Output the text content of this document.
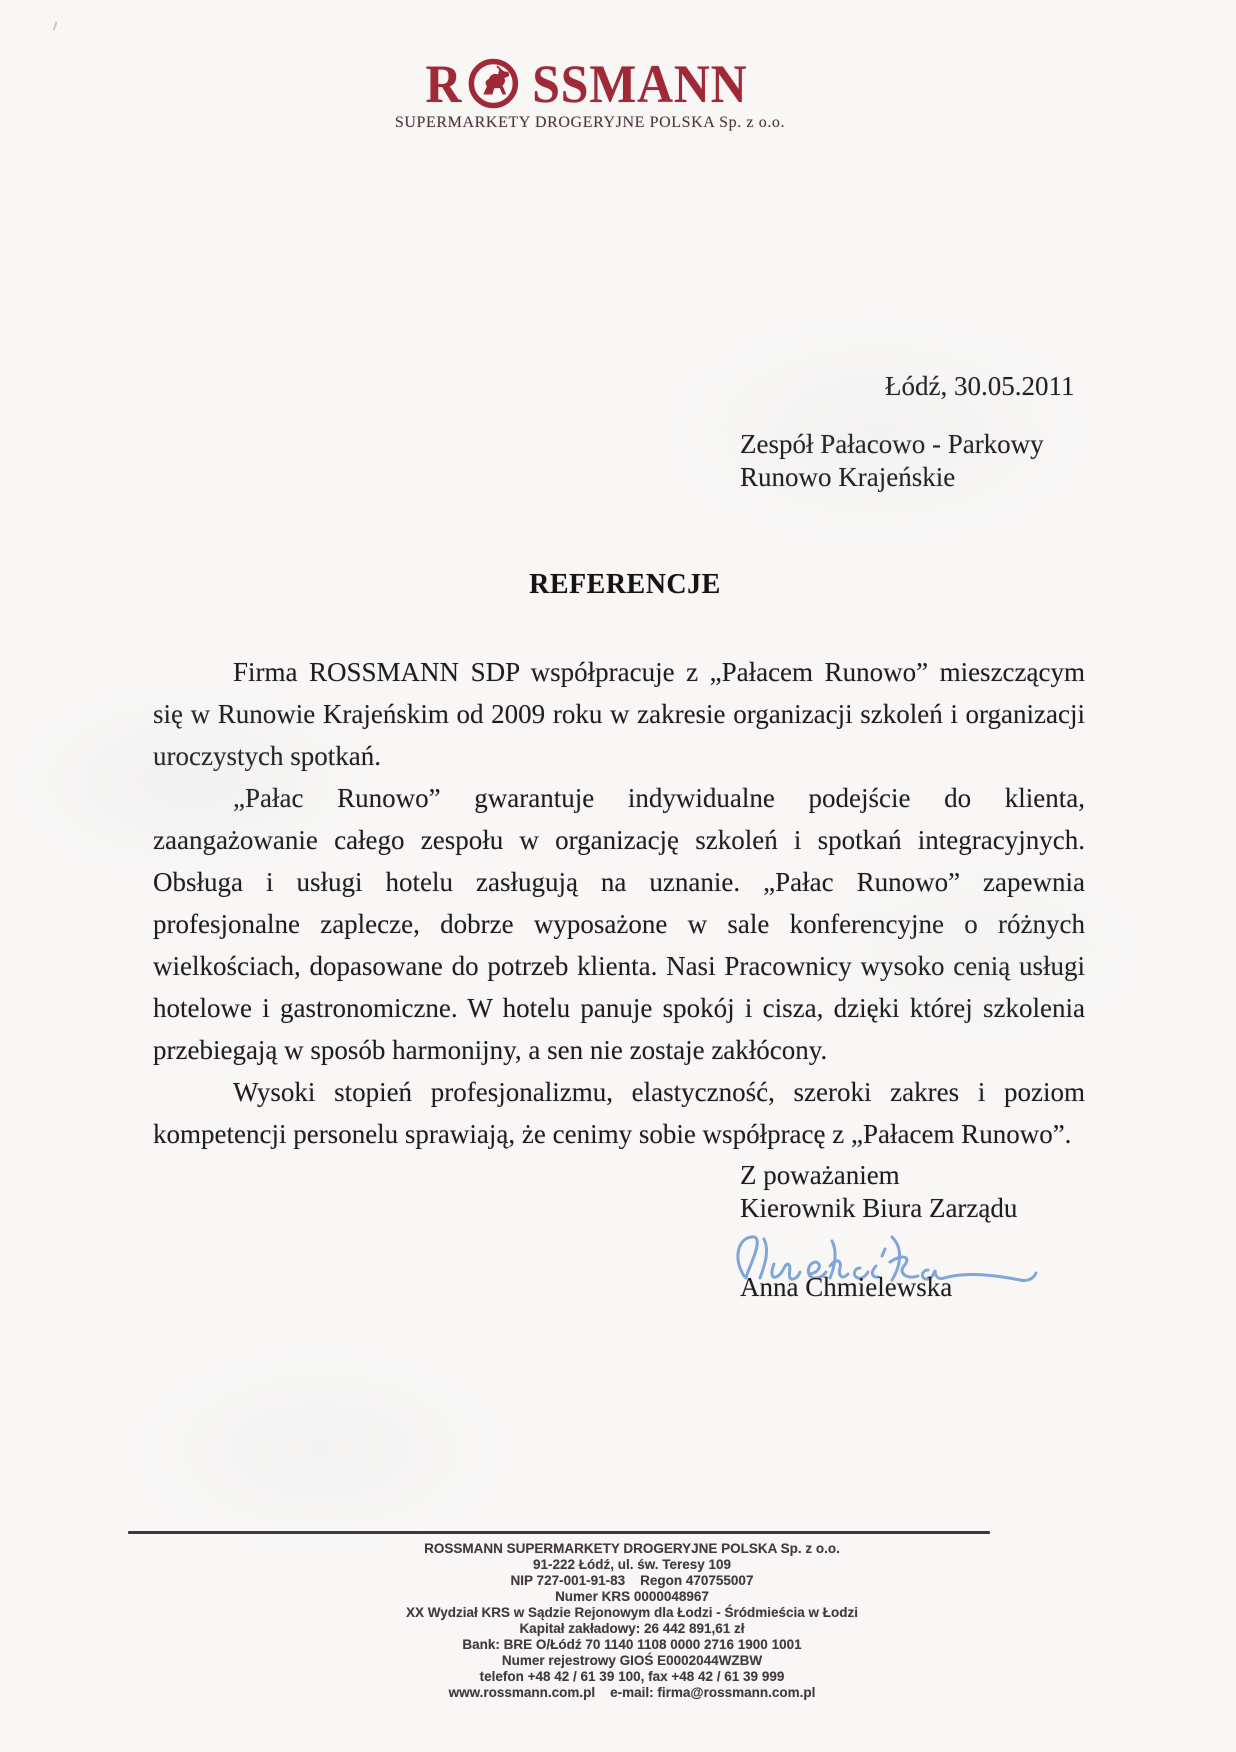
R SSMANN
SUPERMARKETY DROGERYJNE POLSKA Sp. z o.o.
Łódź, 30.05.2011
Zespół Pałacowo - Parkowy
Runowo Krajeńskie
REFERENCJE

Firma ROSSMANN SDP współpracuje z „Pałacem Runowo” mieszczącym się w Runowie Krajeńskim od 2009 roku w zakresie organizacji szkoleń i organizacji uroczystych spotkań.

„Pałac Runowo” gwarantuje indywidualne podejście do klienta, zaangażowanie całego zespołu w organizację szkoleń i spotkań integracyjnych. Obsługa i usługi hotelu zasługują na uznanie. „Pałac Runowo” zapewnia profesjonalne zaplecze, dobrze wyposażone w sale konferencyjne o różnych wielkościach, dopasowane do potrzeb klienta. Nasi Pracownicy wysoko cenią usługi hotelowe i gastronomiczne. W hotelu panuje spokój i cisza, dzięki której szkolenia przebiegają w sposób harmonijny, a sen nie zostaje zakłócony.

Wysoki stopień profesjonalizmu, elastyczność, szeroki zakres i poziom kompetencji personelu sprawiają, że cenimy sobie współpracę z „Pałacem Runowo”.

Z poważaniem
Kierownik Biura Zarządu
Anna Chmielewska
ROSSMANN SUPERMARKETY DROGERYJNE POLSKA Sp. z o.o.
91-222 Łódź, ul. św. Teresy 109
NIP 727-001-91-83    Regon 470755007
Numer KRS 0000048967
XX Wydział KRS w Sądzie Rejonowym dla Łodzi - Śródmieścia w Łodzi
Kapitał zakładowy: 26 442 891,61 zł
Bank: BRE O/Łódź 70 1140 1108 0000 2716 1900 1001
Numer rejestrowy GIOŚ E0002044WZBW
telefon +48 42 / 61 39 100, fax +48 42 / 61 39 999
www.rossmann.com.pl    e-mail: firma@rossmann.com.pl
